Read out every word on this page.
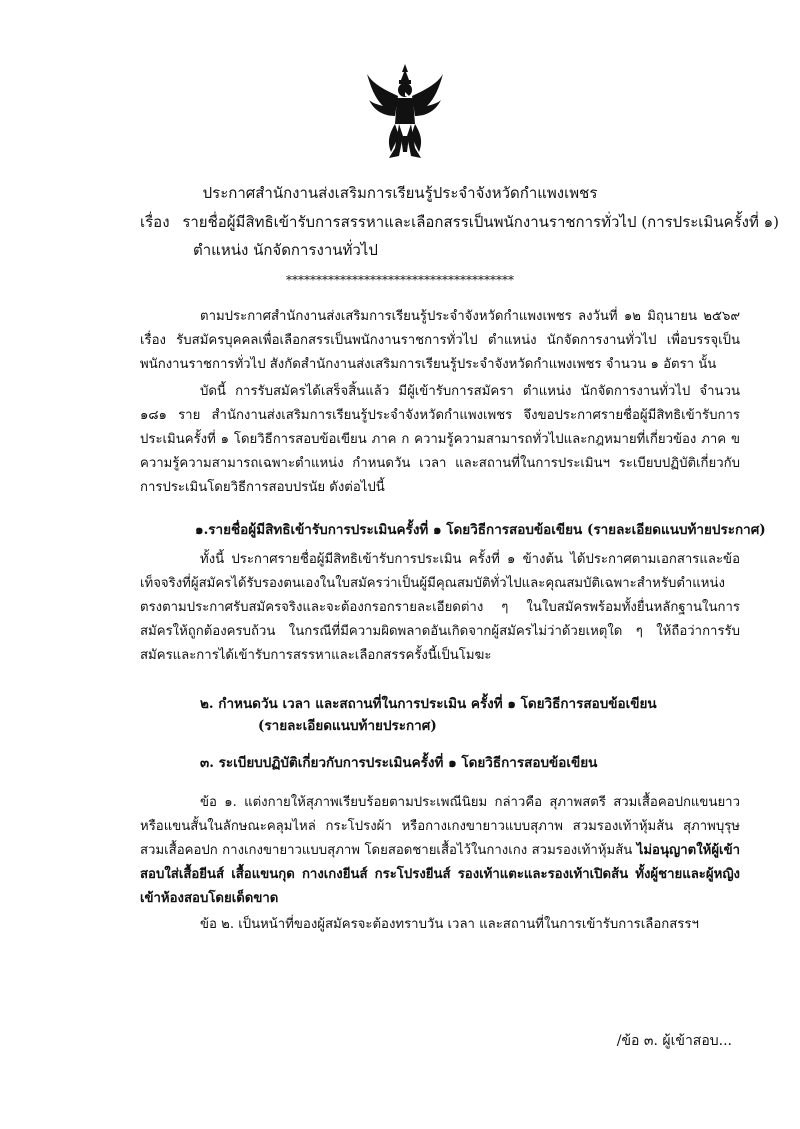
ประกาศสำนักงานส่งเสริมการเรียนรู้ประจำจังหวัดกำแพงเพชร
เรื่อง รายชื่อผู้มีสิทธิเข้ารับการสรรหาและเลือกสรรเป็นพนักงานราชการทั่วไป (การประเมินครั้งที่ ๑)
ตำแหน่ง นักจัดการงานทั่วไป
**************************************
ตามประกาศสำนักงานส่งเสริมการเรียนรู้ประจำจังหวัดกำแพงเพชร ลงวันที่ ๑๒ มิถุนายน ๒๕๖๙ เรื่อง รับสมัครบุคคลเพื่อเลือกสรรเป็นพนักงานราชการทั่วไป ตำแหน่ง นักจัดการงานทั่วไป เพื่อบรรจุเป็นพนักงานราชการทั่วไป สังกัดสำนักงานส่งเสริมการเรียนรู้ประจำจังหวัดกำแพงเพชร จำนวน ๑ อัตรา นั้น
บัดนี้ การรับสมัครได้เสร็จสิ้นแล้ว มีผู้เข้ารับการสมัครา ตำแหน่ง นักจัดการงานทั่วไป จำนวน ๑๘๑ ราย สำนักงานส่งเสริมการเรียนรู้ประจำจังหวัดกำแพงเพชร จึงขอประกาศรายชื่อผู้มีสิทธิเข้ารับการประเมินครั้งที่ ๑ โดยวิธีการสอบข้อเขียน ภาค ก ความรู้ความสามารถทั่วไปและกฎหมายที่เกี่ยวข้อง ภาค ข ความรู้ความสามารถเฉพาะตำแหน่ง กำหนดวัน เวลา และสถานที่ในการประเมินฯ ระเบียบปฏิบัติเกี่ยวกับการประเมินโดยวิธีการสอบปรนัย ดังต่อไปนี้
๑.รายชื่อผู้มีสิทธิเข้ารับการประเมินครั้งที่ ๑ โดยวิธีการสอบข้อเขียน (รายละเอียดแนบท้ายประกาศ)
ทั้งนี้ ประกาศรายชื่อผู้มีสิทธิเข้ารับการประเมิน ครั้งที่ ๑ ข้างต้น ได้ประกาศตามเอกสารและข้อเท็จจริงที่ผู้สมัครได้รับรองตนเองในใบสมัครว่าเป็นผู้มีคุณสมบัติทั่วไปและคุณสมบัติเฉพาะสำหรับตำแหน่งตรงตามประกาศรับสมัครจริงและจะต้องกรอกรายละเอียดต่าง ๆ ในใบสมัครพร้อมทั้งยื่นหลักฐานในการสมัครให้ถูกต้องครบถ้วน ในกรณีที่มีความผิดพลาดอันเกิดจากผู้สมัครไม่ว่าด้วยเหตุใด ๆ ให้ถือว่าการรับสมัครและการได้เข้ารับการสรรหาและเลือกสรรครั้งนี้เป็นโมฆะ
๒. กำหนดวัน เวลา และสถานที่ในการประเมิน ครั้งที่ ๑ โดยวิธีการสอบข้อเขียน
(รายละเอียดแนบท้ายประกาศ)
๓. ระเบียบปฏิบัติเกี่ยวกับการประเมินครั้งที่ ๑ โดยวิธีการสอบข้อเขียน
ข้อ ๑. แต่งกายให้สุภาพเรียบร้อยตามประเพณีนิยม กล่าวคือ สุภาพสตรี สวมเสื้อคอปกแขนยาวหรือแขนสั้นในลักษณะคลุมไหล่ กระโปรงผ้า หรือกางเกงขายาวแบบสุภาพ สวมรองเท้าหุ้มส้น สุภาพบุรุษ สวมเสื้อคอปก กางเกงขายาวแบบสุภาพ โดยสอดชายเสื้อไว้ในกางเกง สวมรองเท้าหุ้มส้น ไม่อนุญาตให้ผู้เข้าสอบใส่เสื้อยีนส์ เสื้อแขนกุด กางเกงยีนส์ กระโปรงยีนส์ รองเท้าแตะและรองเท้าเปิดส้น ทั้งผู้ชายและผู้หญิงเข้าห้องสอบโดยเด็ดขาด
ข้อ ๒. เป็นหน้าที่ของผู้สมัครจะต้องทราบวัน เวลา และสถานที่ในการเข้ารับการเลือกสรรฯ
/ข้อ ๓. ผู้เข้าสอบ...
